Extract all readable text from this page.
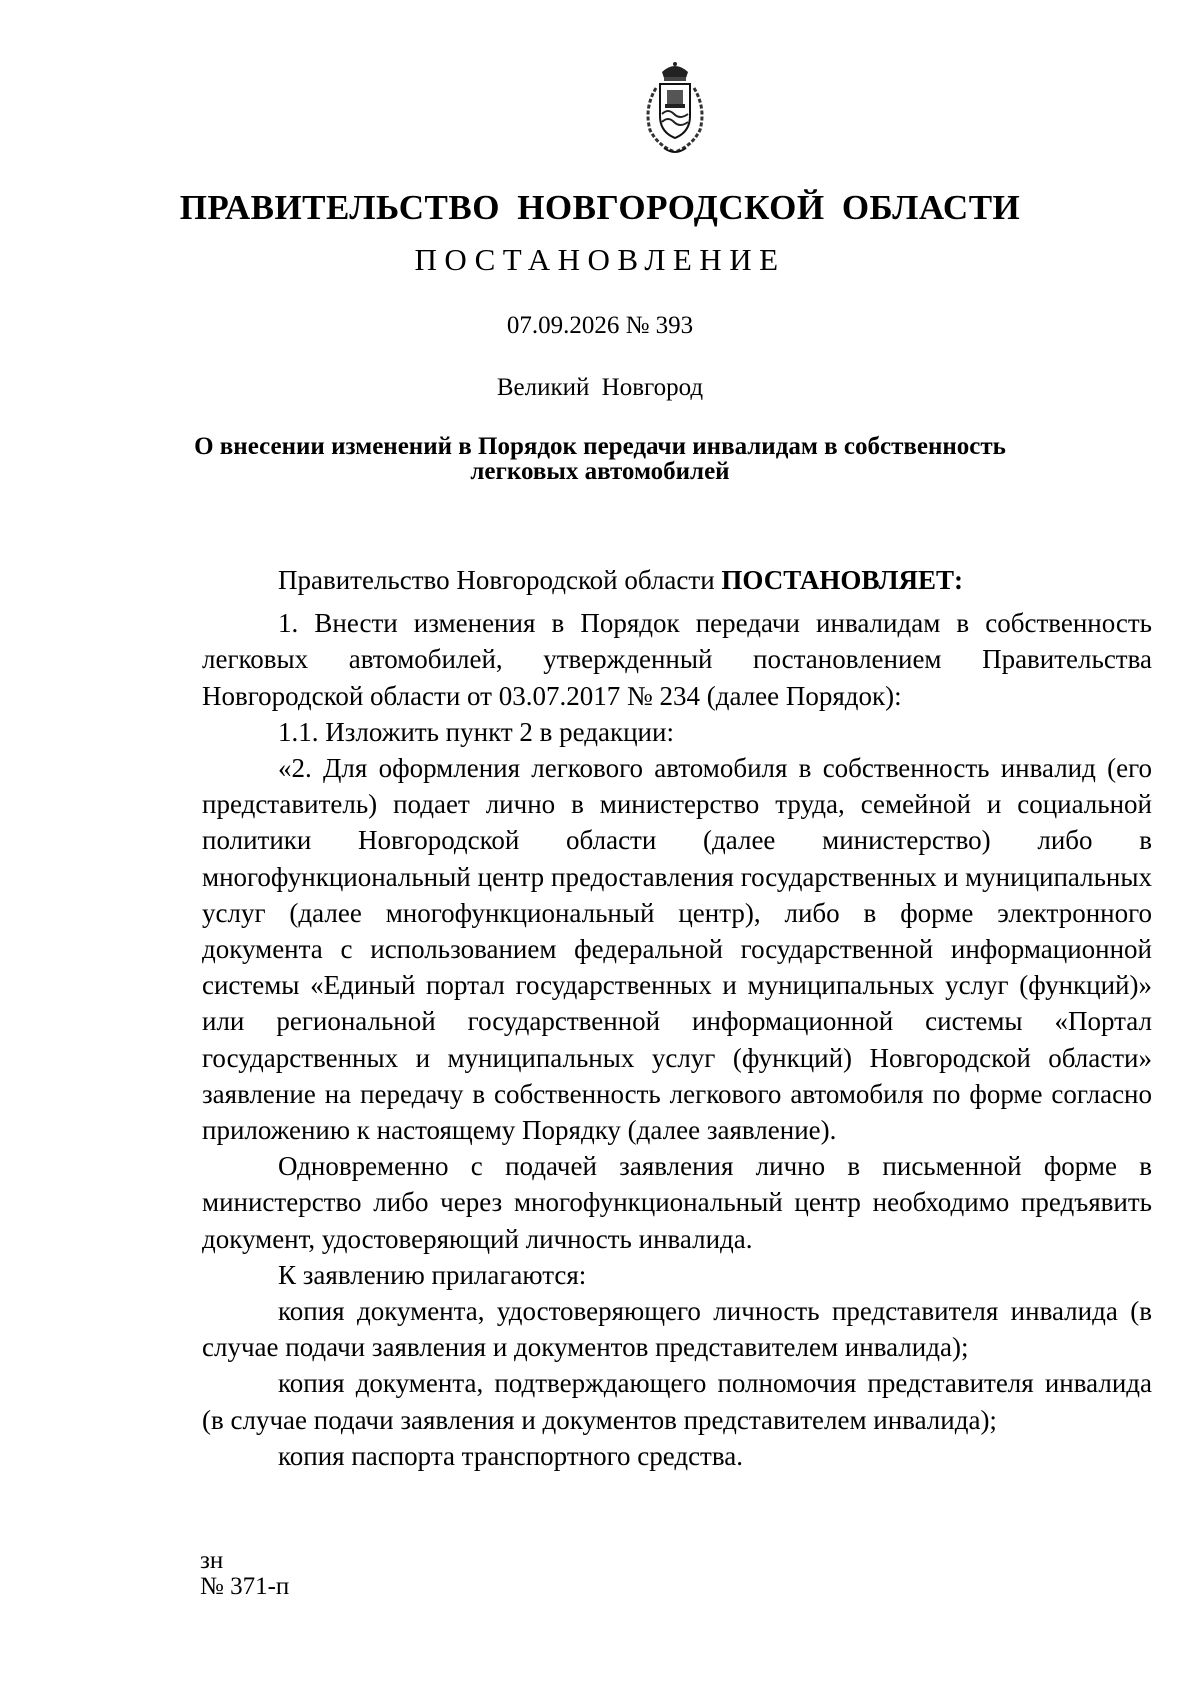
ПРАВИТЕЛЬСТВО НОВГОРОДСКОЙ ОБЛАСТИ
ПОСТАНОВЛЕНИЕ
07.09.2026 № 393
Великий Новгород
О внесении изменений в Порядок передачи инвалидам в собственность
легковых автомобилей

Правительство Новгородской области ПОСТАНОВЛЯЕТ:

1. Внести изменения в Порядок передачи инвалидам в собственность легковых автомобилей, утвержденный постановлением Правительства Новгородской области от 03.07.2017 № 234 (далее Порядок):

1.1. Изложить пункт 2 в редакции:

«2. Для оформления легкового автомобиля в собственность инвалид (его представитель) подает лично в министерство труда, семейной и социальной политики Новгородской области (далее министерство) либо в многофункциональный центр предоставления государственных и муниципальных услуг (далее многофункциональный центр), либо в форме электронного документа с использованием федеральной государственной информационной системы «Единый портал государственных и муниципальных услуг (функций)» или региональной государственной информационной системы «Портал государственных и муниципальных услуг (функций) Новгородской области» заявление на передачу в собственность легкового автомобиля по форме согласно приложению к настоящему Порядку (далее заявление).

Одновременно с подачей заявления лично в письменной форме в министерство либо через многофункциональный центр необходимо предъявить документ, удостоверяющий личность инвалида.

К заявлению прилагаются:

копия документа, удостоверяющего личность представителя инвалида (в случае подачи заявления и документов представителем инвалида);

копия документа, подтверждающего полномочия представителя инвалида (в случае подачи заявления и документов представителем инвалида);

копия паспорта транспортного средства.

зн
№ 371-п
